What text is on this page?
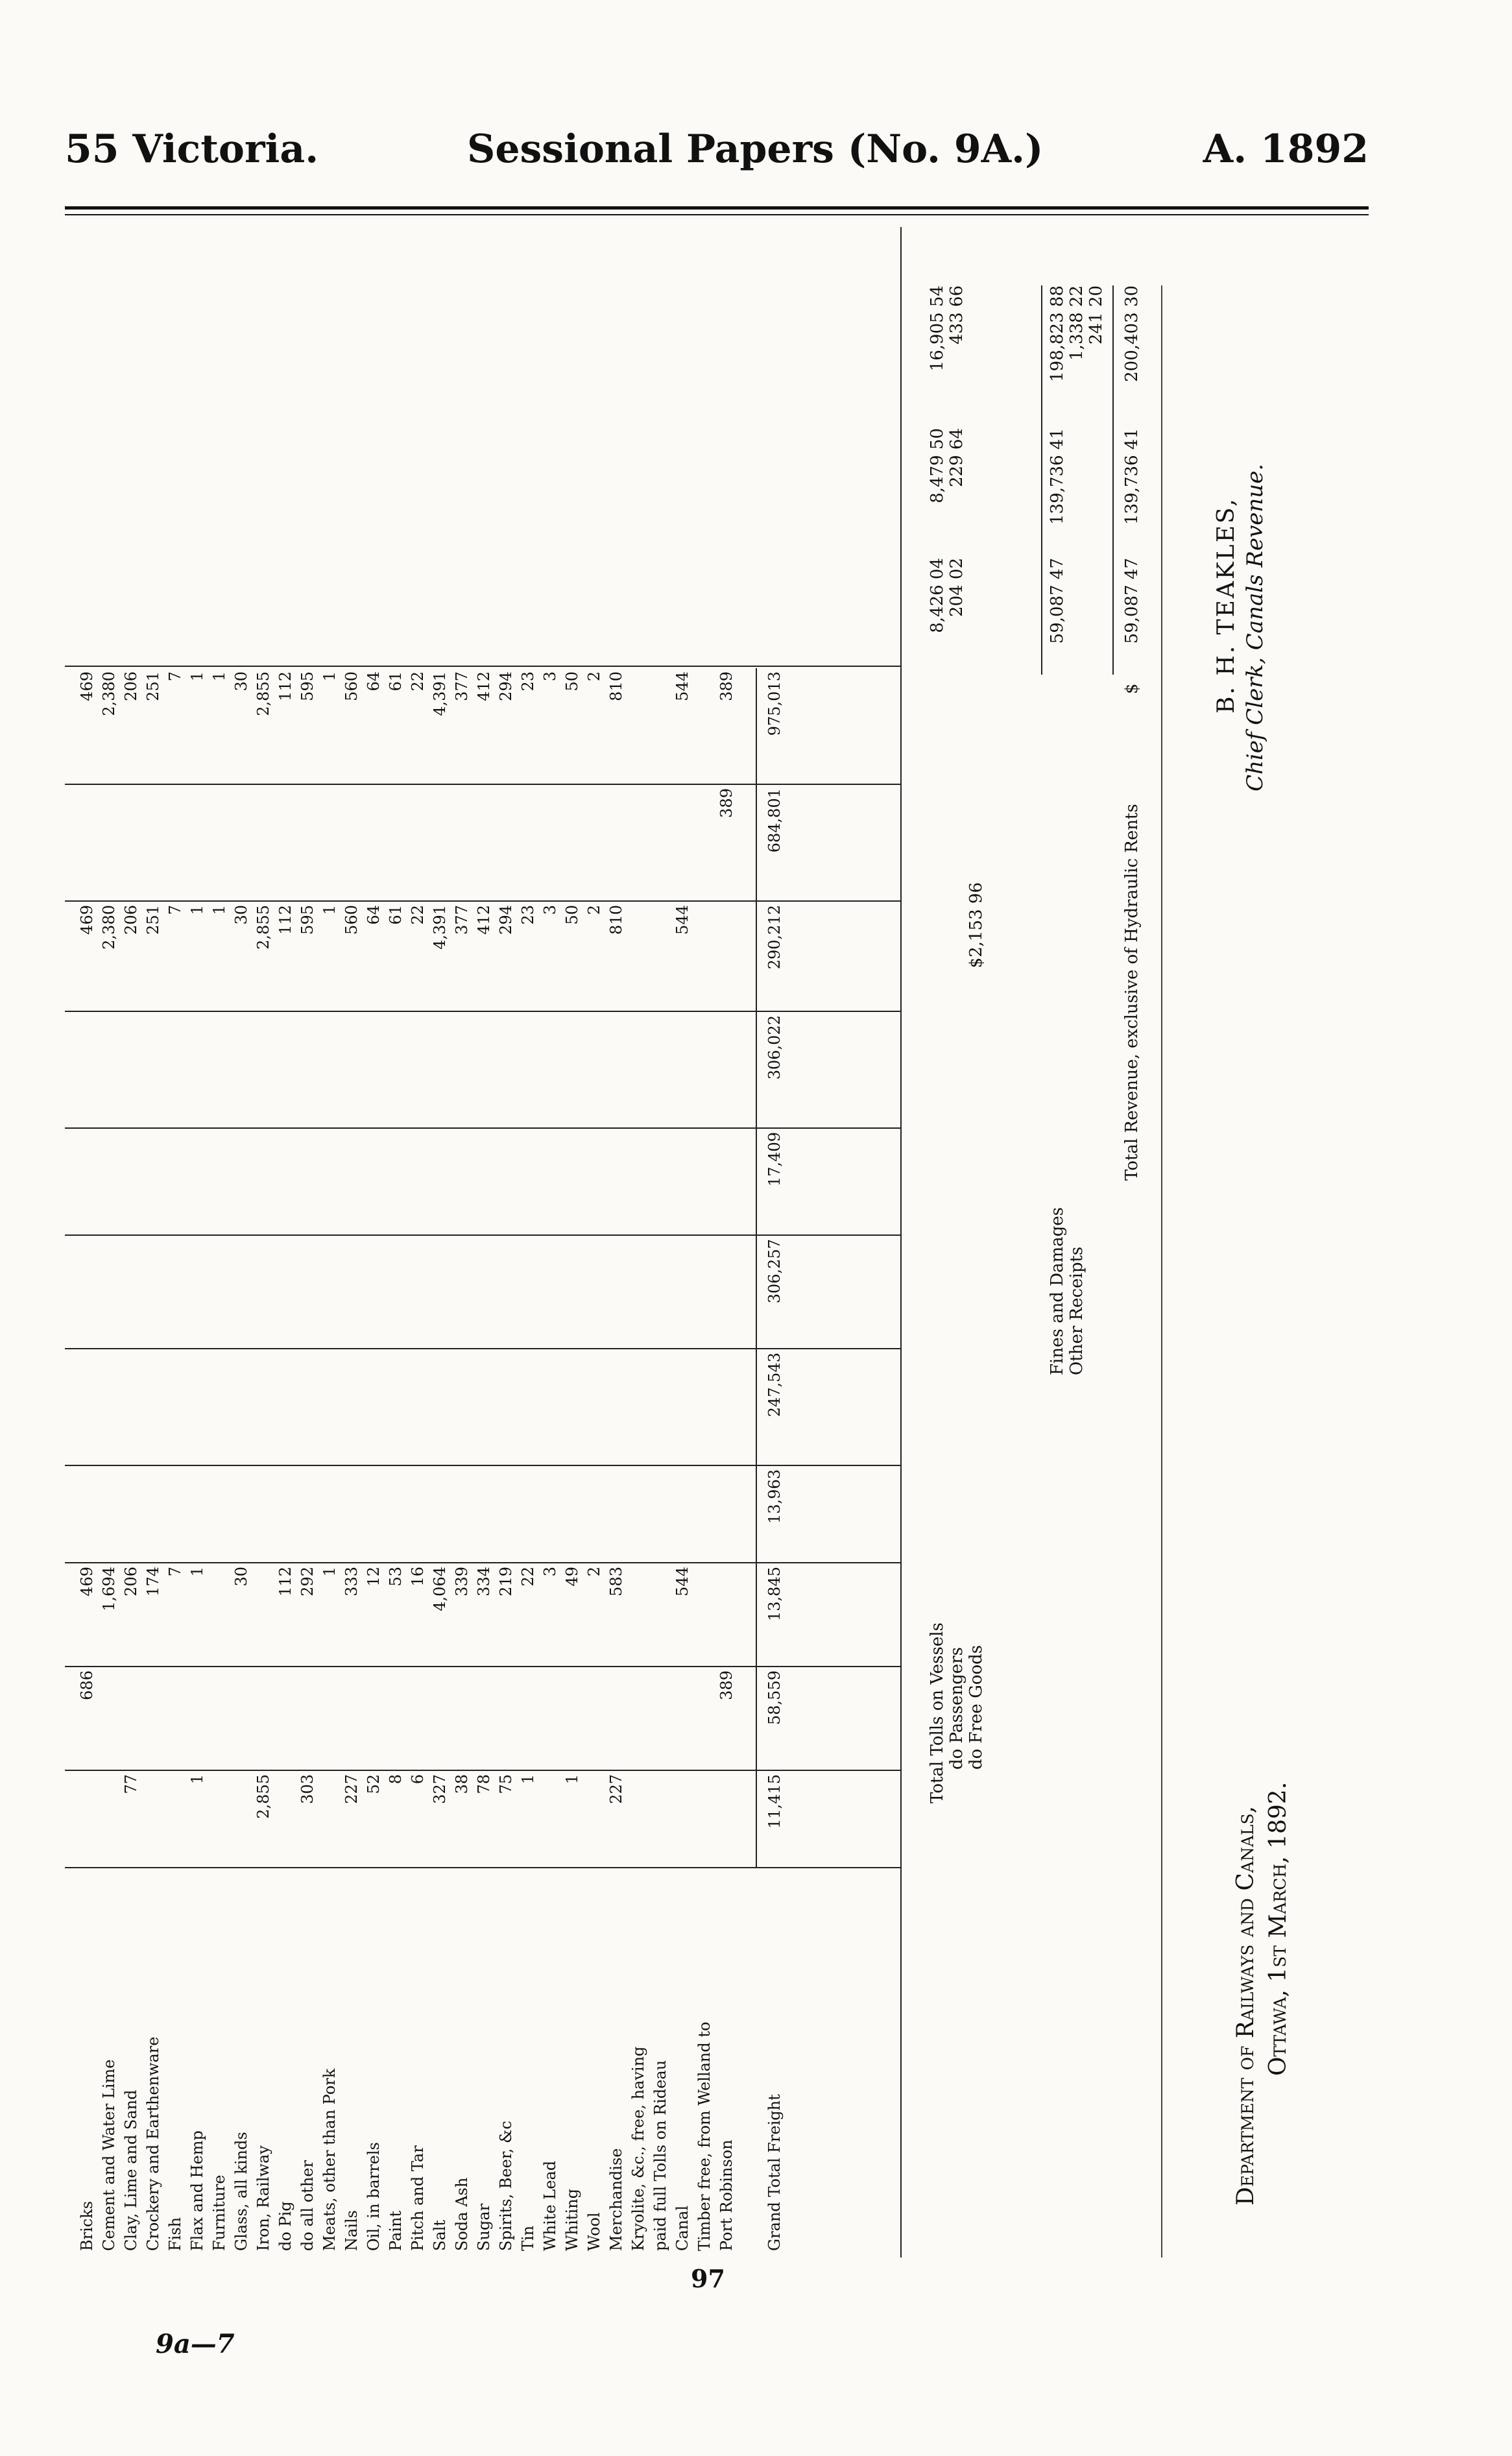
55 Victoria.	Sessional Papers (No. 9A.)	A. 1892
Bricks
686
469
469
469
Cement and Water Lime
1,694
2,380
2,380
Clay, Lime and Sand
77
206
206
206
Crockery and Earthenware
174
251
251
Fish
7
7
7
Flax and Hemp
1
1
1
1
Furniture
1
1
Glass, all kinds
30
30
30
Iron, Railway
2,855
2,855
2,855
do Pig
112
112
112
do all other
303
292
595
595
Meats, other than Pork
1
1
1
Nails
227
333
560
560
Oil, in barrels
52
12
64
64
Paint
8
53
61
61
Pitch and Tar
6
16
22
22
Salt
327
4,064
4,391
4,391
Soda Ash
38
339
377
377
Sugar
78
334
412
412
Spirits, Beer, &c
75
219
294
294
Tin
1
22
23
23
White Lead
3
3
3
Whiting
1
49
50
50
Wool
2
2
2
Merchandise
227
583
810
810
Kryolite, &c., free, having paid full Tolls on Rideau Canal
544
544
544
Timber free, from Welland to Port Robinson
389
389
389
Grand Total Freight
11,415
58,559
13,845
13,963
247,543
306,257
17,409
306,022
290,212
684,801
975,013
Total Tolls on Vessels do Passengers do Free Goods
$2,153 96
8,426 04 204 02
8,479 50 229 64
16,905 54 433 66
59,087 47
139,736 41
198,823 88
Fines and Damages Other Receipts
1,338 22 241 20
Total Revenue, exclusive of Hydraulic Rents
$
59,087 47
139,736 41
200,403 30
B. H. TEAKLES, Chief Clerk, Canals Revenue.
Department of Railways and Canals, Ottawa, 1st March, 1892.
97
9a—7
